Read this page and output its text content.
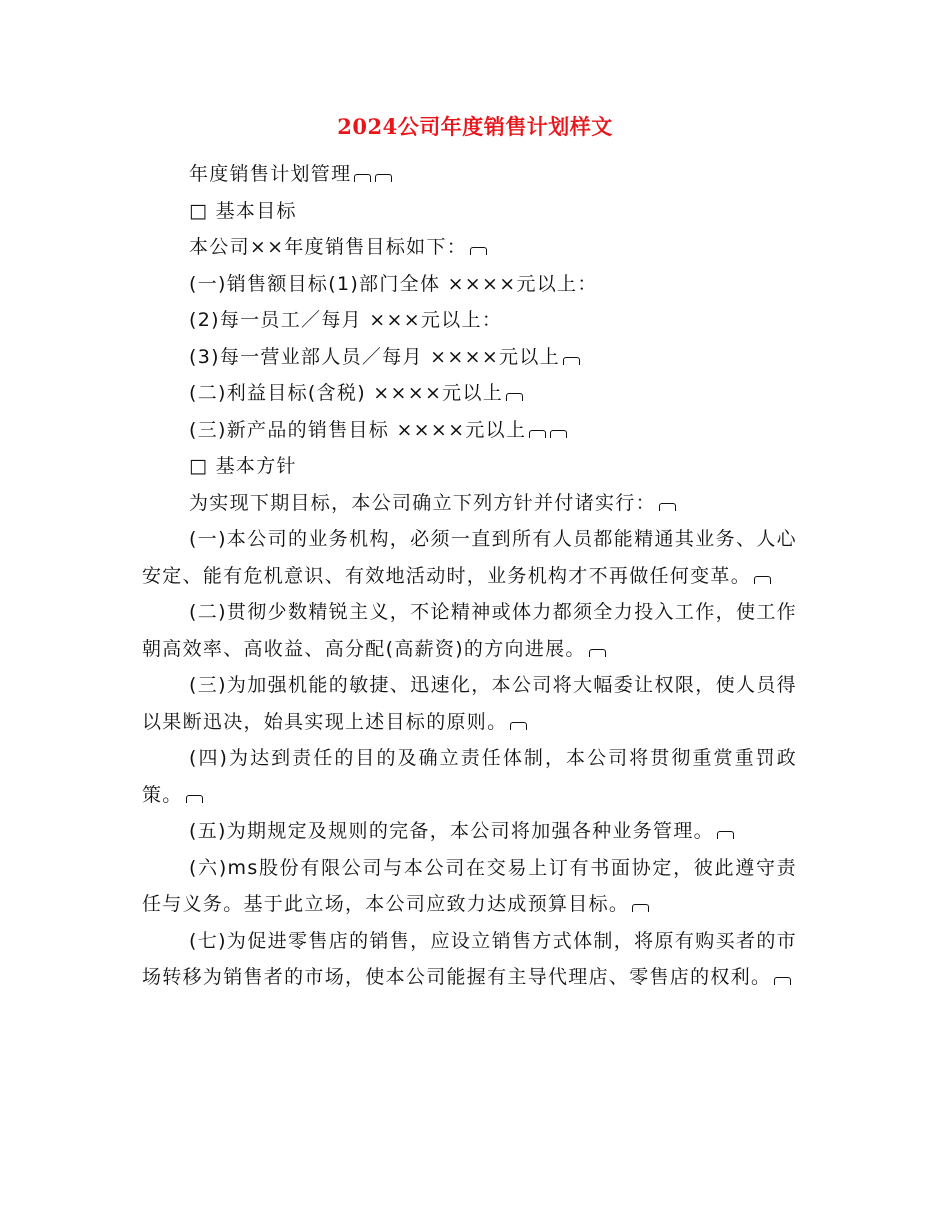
2024公司年度销售计划样文

年度销售计划管理

□ 基本目标

本公司××年度销售目标如下：

(一)销售额目标(1)部门全体 ××××元以上：

(2)每一员工／每月 ×××元以上：

(3)每一营业部人员／每月 ××××元以上

(二)利益目标(含税) ××××元以上

(三)新产品的销售目标 ××××元以上

□ 基本方针

为实现下期目标，本公司确立下列方针并付诸实行：

(一)本公司的业务机构，必须一直到所有人员都能精通其业务、人心安定、能有危机意识、有效地活动时，业务机构才不再做任何变革。

(二)贯彻少数精锐主义，不论精神或体力都须全力投入工作，使工作朝高效率、高收益、高分配(高薪资)的方向进展。

(三)为加强机能的敏捷、迅速化，本公司将大幅委让权限，使人员得以果断迅决，始具实现上述目标的原则。

(四)为达到责任的目的及确立责任体制，本公司将贯彻重赏重罚政策。

(五)为期规定及规则的完备，本公司将加强各种业务管理。

(六)ms股份有限公司与本公司在交易上订有书面协定，彼此遵守责任与义务。基于此立场，本公司应致力达成预算目标。

(七)为促进零售店的销售，应设立销售方式体制，将原有购买者的市场转移为销售者的市场，使本公司能握有主导代理店、零售店的权利。
